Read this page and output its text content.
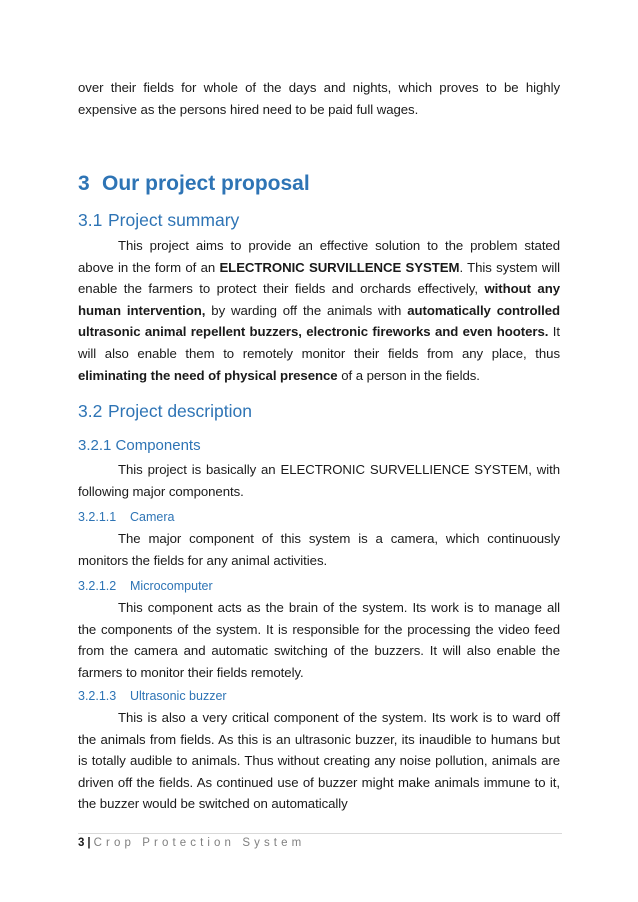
over their fields for whole of the days and nights, which proves to be highly expensive as the persons hired need to be paid full wages.

3 Our project proposal
3.1 Project summary

This project aims to provide an effective solution to the problem stated above in the form of an ELECTRONIC SURVILLENCE SYSTEM. This system will enable the farmers to protect their fields and orchards effectively, without any human intervention, by warding off the animals with automatically controlled ultrasonic animal repellent buzzers, electronic fireworks and even hooters. It will also enable them to remotely monitor their fields from any place, thus eliminating the need of physical presence of a person in the fields.

3.2 Project description
3.2.1 Components

This project is basically an ELECTRONIC SURVELLIENCE SYSTEM, with following major components.

3.2.1.1 Camera

The major component of this system is a camera, which continuously monitors the fields for any animal activities.

3.2.1.2 Microcomputer

This component acts as the brain of the system. Its work is to manage all the components of the system. It is responsible for the processing the video feed from the camera and automatic switching of the buzzers. It will also enable the farmers to monitor their fields remotely.

3.2.1.3 Ultrasonic buzzer

This is also a very critical component of the system. Its work is to ward off the animals from fields. As this is an ultrasonic buzzer, its inaudible to humans but is totally audible to animals. Thus without creating any noise pollution, animals are driven off the fields. As continued use of buzzer might make animals immune to it, the buzzer would be switched on automatically

3 | Crop Protection System
